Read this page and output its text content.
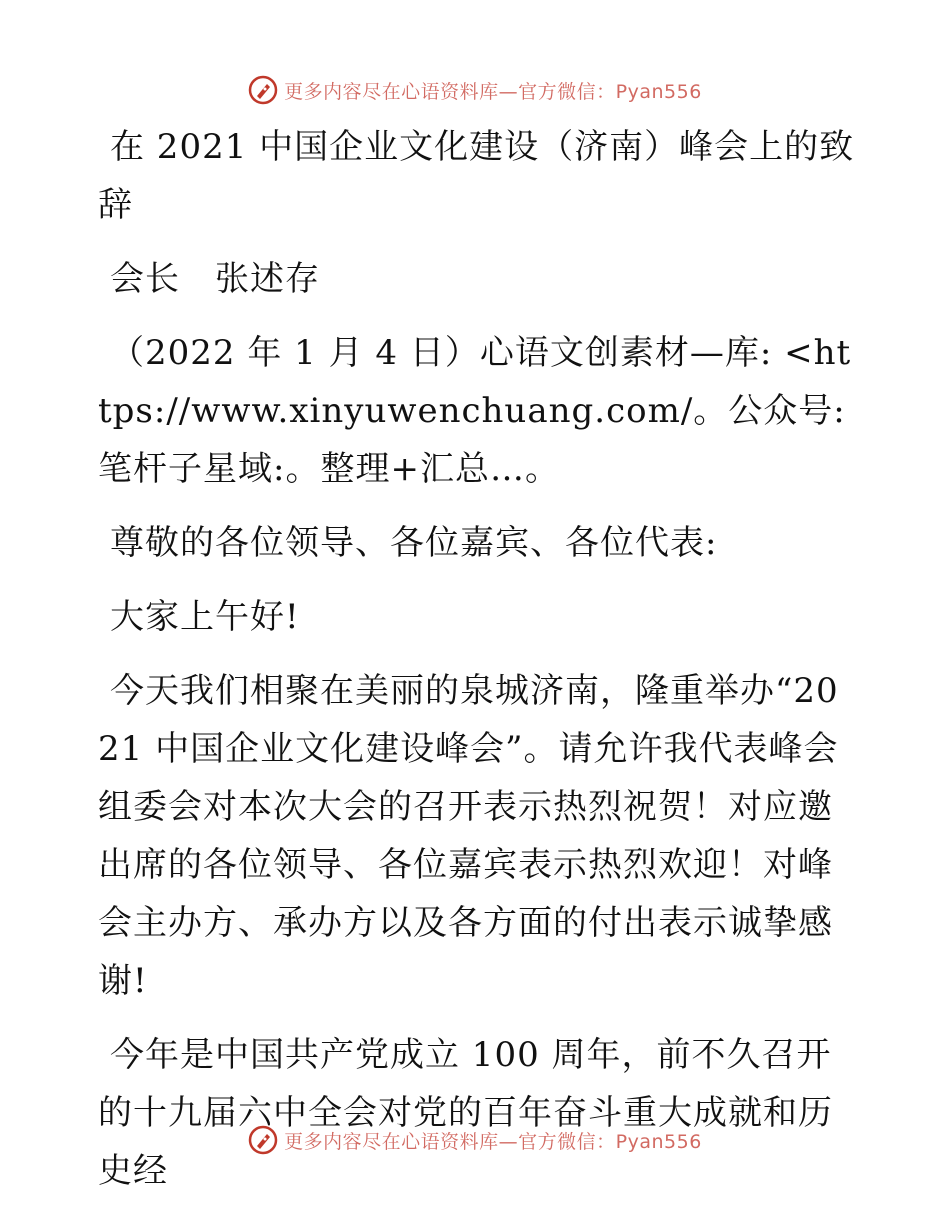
更多内容尽在心语资料库—官方微信：Pyan556

在 2021 中国企业文化建设（济南）峰会上的致辞

会长　张述存

（2022 年 1 月 4 日）心语文创素材—库: <https://www.xinyuwenchuang.com/。公众号: 笔杆子星域:。整理+汇总…。

尊敬的各位领导、各位嘉宾、各位代表:

大家上午好!

今天我们相聚在美丽的泉城济南，隆重举办“2021 中国企业文化建设峰会”。请允许我代表峰会组委会对本次大会的召开表示热烈祝贺！对应邀出席的各位领导、各位嘉宾表示热烈欢迎！对峰会主办方、承办方以及各方面的付出表示诚挚感谢!

今年是中国共产党成立 100 周年，前不久召开的十九届六中全会对党的百年奋斗重大成就和历史经

更多内容尽在心语资料库—官方微信：Pyan556
